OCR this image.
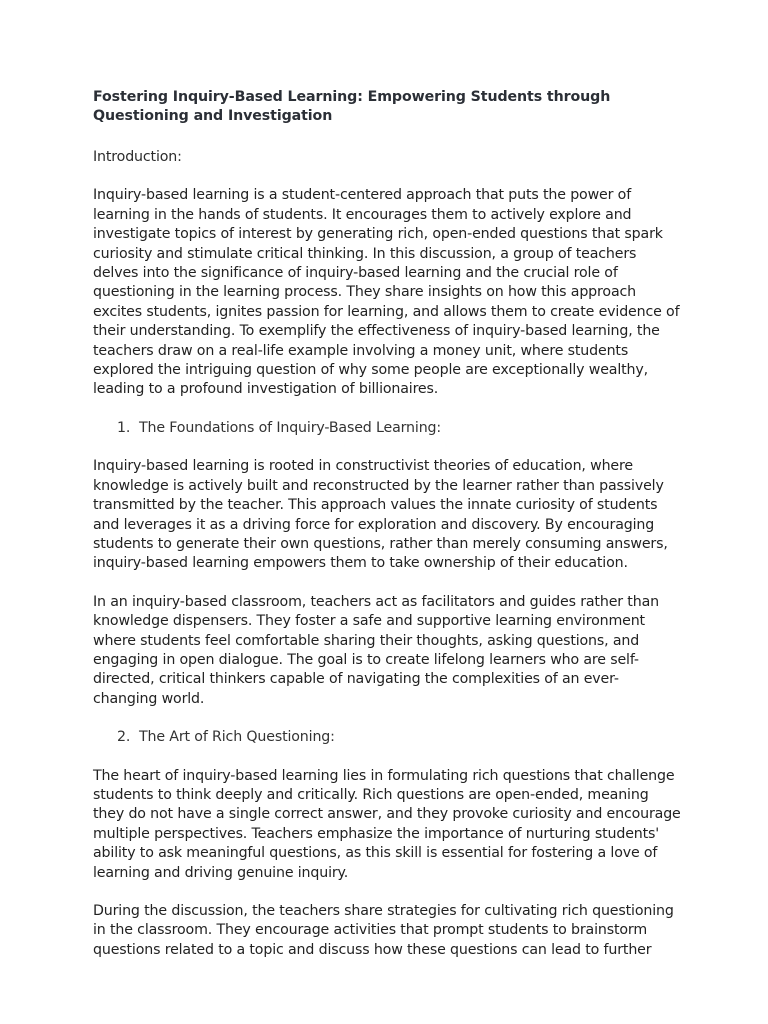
Fostering Inquiry-Based Learning: Empowering Students through Questioning and Investigation

Introduction:

Inquiry-based learning is a student-centered approach that puts the power of learning in the hands of students. It encourages them to actively explore and investigate topics of interest by generating rich, open-ended questions that spark curiosity and stimulate critical thinking. In this discussion, a group of teachers delves into the significance of inquiry-based learning and the crucial role of questioning in the learning process. They share insights on how this approach excites students, ignites passion for learning, and allows them to create evidence of their understanding. To exemplify the effectiveness of inquiry-based learning, the teachers draw on a real-life example involving a money unit, where students explored the intriguing question of why some people are exceptionally wealthy, leading to a profound investigation of billionaires.

1. The Foundations of Inquiry-Based Learning:

Inquiry-based learning is rooted in constructivist theories of education, where knowledge is actively built and reconstructed by the learner rather than passively transmitted by the teacher. This approach values the innate curiosity of students and leverages it as a driving force for exploration and discovery. By encouraging students to generate their own questions, rather than merely consuming answers, inquiry-based learning empowers them to take ownership of their education.

In an inquiry-based classroom, teachers act as facilitators and guides rather than knowledge dispensers. They foster a safe and supportive learning environment where students feel comfortable sharing their thoughts, asking questions, and engaging in open dialogue. The goal is to create lifelong learners who are self-directed, critical thinkers capable of navigating the complexities of an ever-changing world.

2. The Art of Rich Questioning:

The heart of inquiry-based learning lies in formulating rich questions that challenge students to think deeply and critically. Rich questions are open-ended, meaning they do not have a single correct answer, and they provoke curiosity and encourage multiple perspectives. Teachers emphasize the importance of nurturing students' ability to ask meaningful questions, as this skill is essential for fostering a love of learning and driving genuine inquiry.

During the discussion, the teachers share strategies for cultivating rich questioning in the classroom. They encourage activities that prompt students to brainstorm questions related to a topic and discuss how these questions can lead to further
